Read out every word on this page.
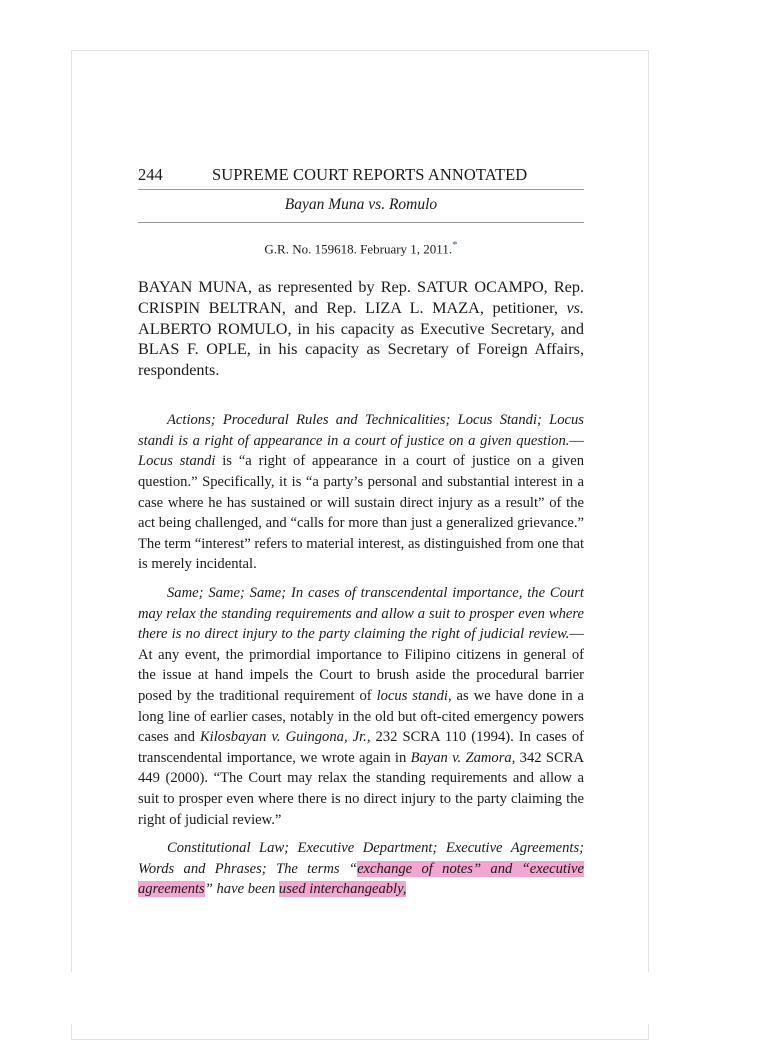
244	SUPREME COURT REPORTS ANNOTATED
Bayan Muna vs. Romulo
G.R. No. 159618. February 1, 2011.*
BAYAN MUNA, as represented by Rep. SATUR OCAMPO, Rep. CRISPIN BELTRAN, and Rep. LIZA L. MAZA, petitioner, vs. ALBERTO ROMULO, in his capacity as Executive Secretary, and BLAS F. OPLE, in his capacity as Secretary of Foreign Affairs, respondents.

Actions; Procedural Rules and Technicalities; Locus Standi; Locus standi is a right of appearance in a court of justice on a given question.—Locus standi is “a right of appearance in a court of justice on a given question.” Specifically, it is “a party’s personal and substantial interest in a case where he has sustained or will sustain direct injury as a result” of the act being challenged, and “calls for more than just a generalized grievance.” The term “interest” refers to material interest, as distinguished from one that is merely incidental.

Same; Same; Same; In cases of transcendental importance, the Court may relax the standing requirements and allow a suit to prosper even where there is no direct injury to the party claiming the right of judicial review.—At any event, the primordial importance to Filipino citizens in general of the issue at hand impels the Court to brush aside the procedural barrier posed by the traditional requirement of locus standi, as we have done in a long line of earlier cases, notably in the old but oft-cited emergency powers cases and Kilosbayan v. Guingona, Jr., 232 SCRA 110 (1994). In cases of transcendental importance, we wrote again in Bayan v. Zamora, 342 SCRA 449 (2000). “The Court may relax the standing requirements and allow a suit to prosper even where there is no direct injury to the party claiming the right of judicial review.”

Constitutional Law; Executive Department; Executive Agreements; Words and Phrases; The terms “exchange of notes” and “executive agreements” have been used interchangeably,
